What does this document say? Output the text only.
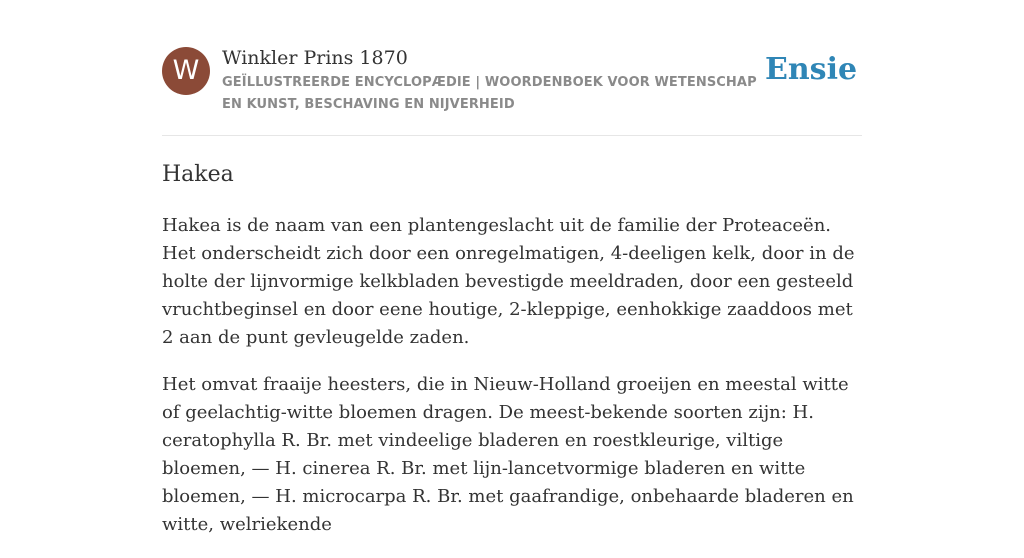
W	Winkler Prins 1870
GEÏLLUSTREERDE ENCYCLOPÆDIE | WOORDENBOEK VOOR WETENSCHAP EN KUNST, BESCHAVING EN NIJVERHEID
Ensie
Hakea

Hakea is de naam van een plantengeslacht uit de familie der Proteaceën. Het onderscheidt zich door een onregelmatigen, 4-deeligen kelk, door in de holte der lijnvormige kelkbladen bevestigde meeldraden, door een gesteeld vruchtbeginsel en door eene houtige, 2-kleppige, eenhokkige zaaddoos met 2 aan de punt gevleugelde zaden.

Het omvat fraaije heesters, die in Nieuw-Holland groeijen en meestal witte of geelachtig-witte bloemen dragen. De meest-bekende soorten zijn: H. ceratophylla R. Br. met vindeelige bladeren en roestkleurige, viltige bloemen, — H. cinerea R. Br. met lijn-lancetvormige bladeren en witte bloemen, — H. microcarpa R. Br. met gaafrandige, onbehaarde bladeren en witte, welriekende
